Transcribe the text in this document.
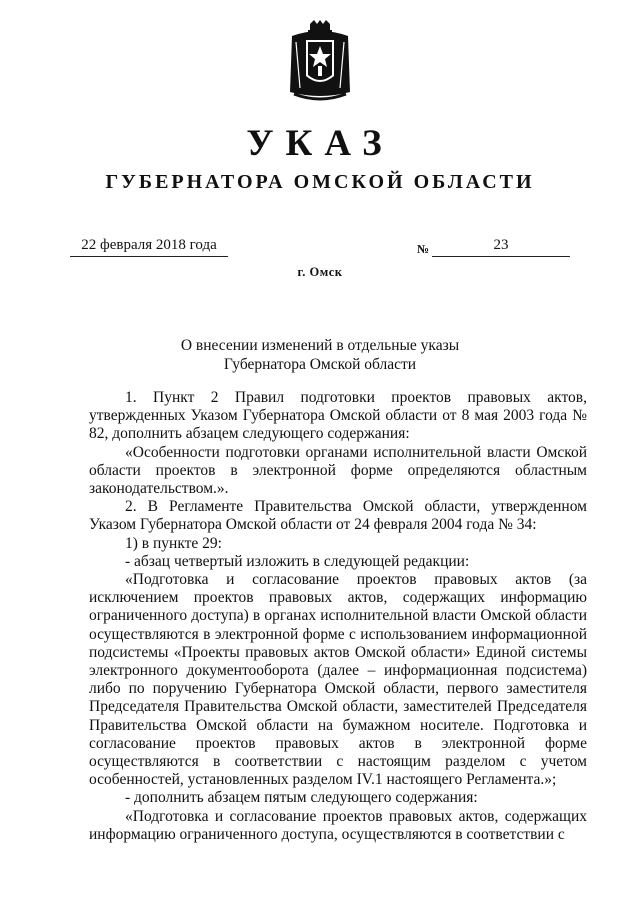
УКАЗ
ГУБЕРНАТОРА ОМСКОЙ ОБЛАСТИ
22 февраля 2018 года	№	23
г. Омск
О внесении изменений в отдельные указы
Губернатора Омской области

1. Пункт 2 Правил подготовки проектов правовых актов, утвержденных Указом Губернатора Омской области от 8 мая 2003 года № 82, дополнить абзацем следующего содержания:

«Особенности подготовки органами исполнительной власти Омской области проектов в электронной форме определяются областным законодательством.».

2. В Регламенте Правительства Омской области, утвержденном Указом Губернатора Омской области от 24 февраля 2004 года № 34:

1) в пункте 29:

- абзац четвертый изложить в следующей редакции:

«Подготовка и согласование проектов правовых актов (за исключением проектов правовых актов, содержащих информацию ограниченного доступа) в органах исполнительной власти Омской области осуществляются в электронной форме с использованием информационной подсистемы «Проекты правовых актов Омской области» Единой системы электронного документооборота (далее – информационная подсистема) либо по поручению Губернатора Омской области, первого заместителя Председателя Правительства Омской области, заместителей Председателя Правительства Омской области на бумажном носителе. Подготовка и согласование проектов правовых актов в электронной форме осуществляются в соответствии с настоящим разделом с учетом особенностей, установленных разделом IV.1 настоящего Регламента.»;

- дополнить абзацем пятым следующего содержания:

«Подготовка и согласование проектов правовых актов, содержащих информацию ограниченного доступа, осуществляются в соответствии с
